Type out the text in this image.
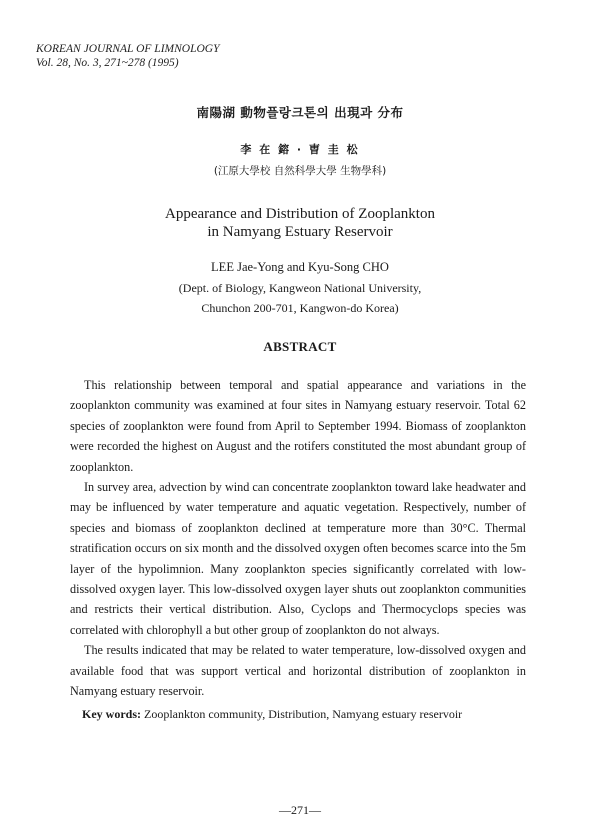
KOREAN JOURNAL OF LIMNOLOGY
Vol. 28, No. 3, 271~278 (1995)
南陽湖 動物플랑크톤의 出現과 分布
李 在 鎔 · 曺 圭 松
(江原大學校 自然科學大學 生物學科)
Appearance and Distribution of Zooplankton
in Namyang Estuary Reservoir
LEE Jae-Yong and Kyu-Song CHO
(Dept. of Biology, Kangweon National University,
Chunchon 200-701, Kangwon-do Korea)
ABSTRACT

This relationship between temporal and spatial appearance and variations in the zooplankton community was examined at four sites in Namyang estuary reservoir. Total 62 species of zooplankton were found from April to September 1994. Biomass of zooplankton were recorded the highest on August and the rotifers constituted the most abundant group of zooplankton.

In survey area, advection by wind can concentrate zooplankton toward lake headwater and may be influenced by water temperature and aquatic vegetation. Respectively, number of species and biomass of zooplankton declined at temperature more than 30°C. Thermal stratification occurs on six month and the dissolved oxygen often becomes scarce into the 5m layer of the hypolimnion. Many zooplankton species significantly correlated with low-dissolved oxygen layer. This low-dissolved oxygen layer shuts out zooplankton communities and restricts their vertical distribution. Also, Cyclops and Thermocyclops species was correlated with chlorophyll a but other group of zooplankton do not always.

The results indicated that may be related to water temperature, low-dissolved oxygen and available food that was support vertical and horizontal distribution of zooplankton in Namyang estuary reservoir.

Key words: Zooplankton community, Distribution, Namyang estuary reservoir
—271—
